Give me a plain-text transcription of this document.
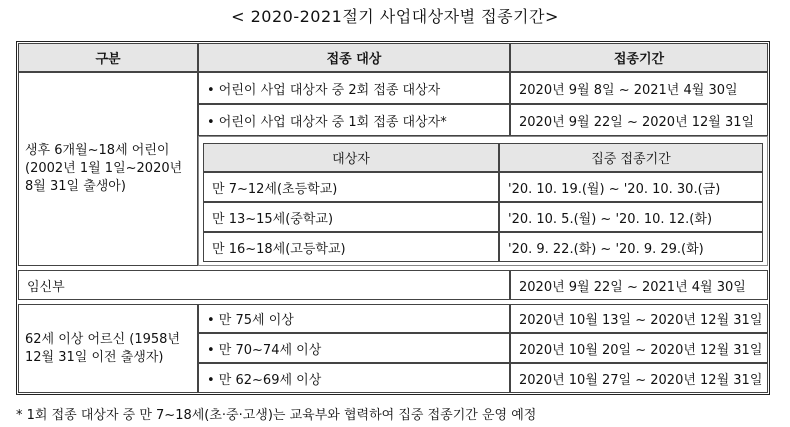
< 2020-2021절기 사업대상자별 접종기간>
구분	접종 대상	접종기간
생후 6개월~18세 어린이 (2002년 1월 1일~2020년 8월 31일 출생아)
• 어린이 사업 대상자 중 2회 접종 대상자	2020년 9월 8일 ~ 2021년 4월 30일
• 어린이 사업 대상자 중 1회 접종 대상자*	2020년 9월 22일 ~ 2020년 12월 31일
대상자	집중 접종기간
만 7~12세(초등학교)	'20. 10. 19.(월) ~ '20. 10. 30.(금)
만 13~15세(중학교)	'20. 10. 5.(월) ~ '20. 10. 12.(화)
만 16~18세(고등학교)	'20. 9. 22.(화) ~ '20. 9. 29.(화)
임신부	2020년 9월 22일 ~ 2021년 4월 30일
62세 이상 어르신 (1958년 12월 31일 이전 출생자)
• 만 75세 이상	2020년 10월 13일 ~ 2020년 12월 31일
• 만 70~74세 이상	2020년 10월 20일 ~ 2020년 12월 31일
• 만 62~69세 이상	2020년 10월 27일 ~ 2020년 12월 31일
* 1회 접종 대상자 중 만 7~18세(초·중·고생)는 교육부와 협력하여 집중 접종기간 운영 예정
